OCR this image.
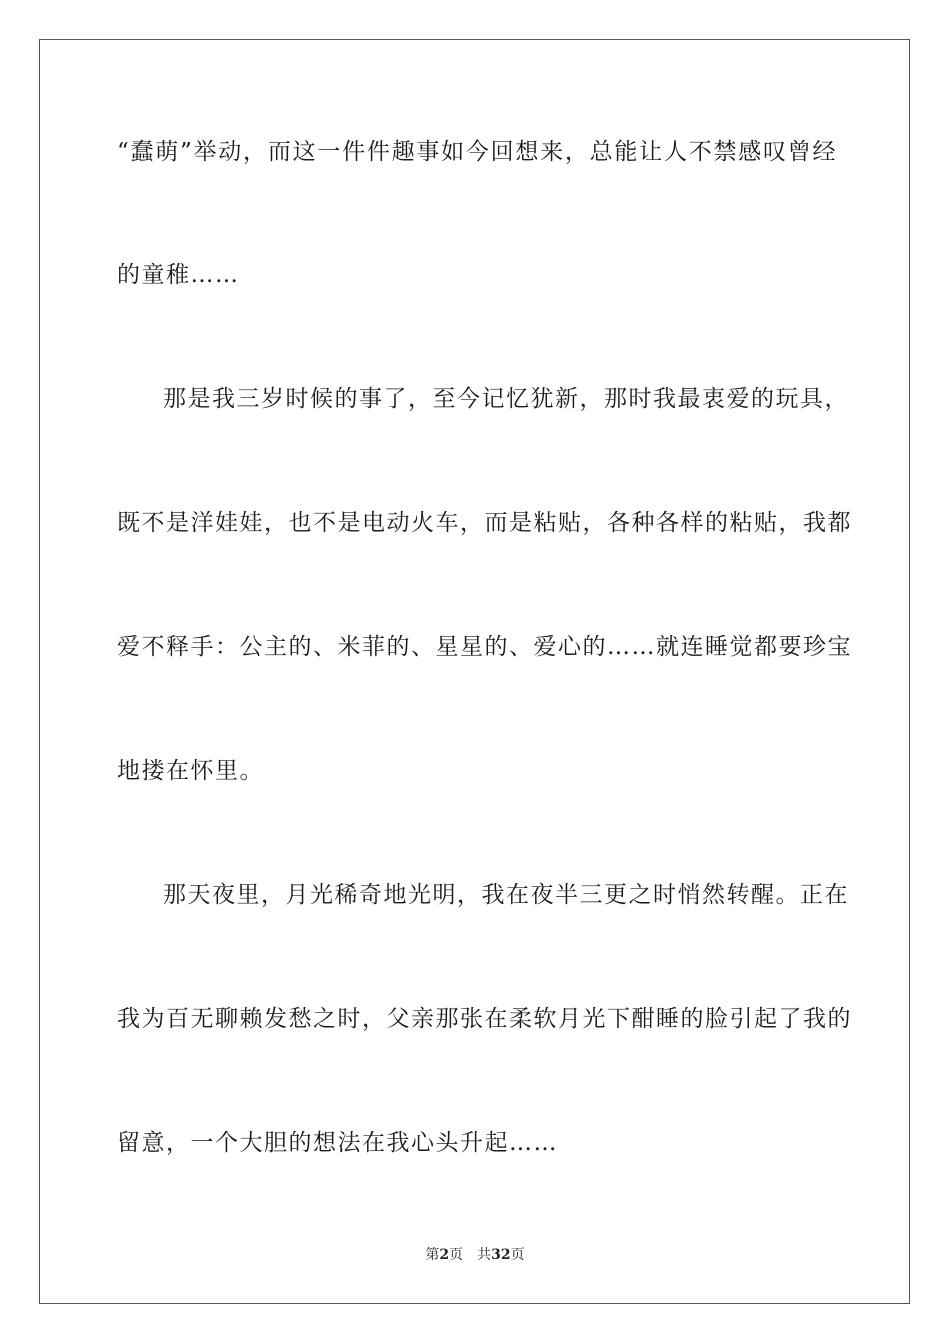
“蠢萌”举动，而这一件件趣事如今回想来，总能让人不禁感叹曾经
的童稚……
那是我三岁时候的事了，至今记忆犹新，那时我最衷爱的玩具，
既不是洋娃娃，也不是电动火车，而是粘贴，各种各样的粘贴，我都
爱不释手：公主的、米菲的、星星的、爱心的……就连睡觉都要珍宝
地搂在怀里。
那天夜里，月光稀奇地光明，我在夜半三更之时悄然转醒。正在
我为百无聊赖发愁之时，父亲那张在柔软月光下酣睡的脸引起了我的
留意，一个大胆的想法在我心头升起……
第2页 共32页
